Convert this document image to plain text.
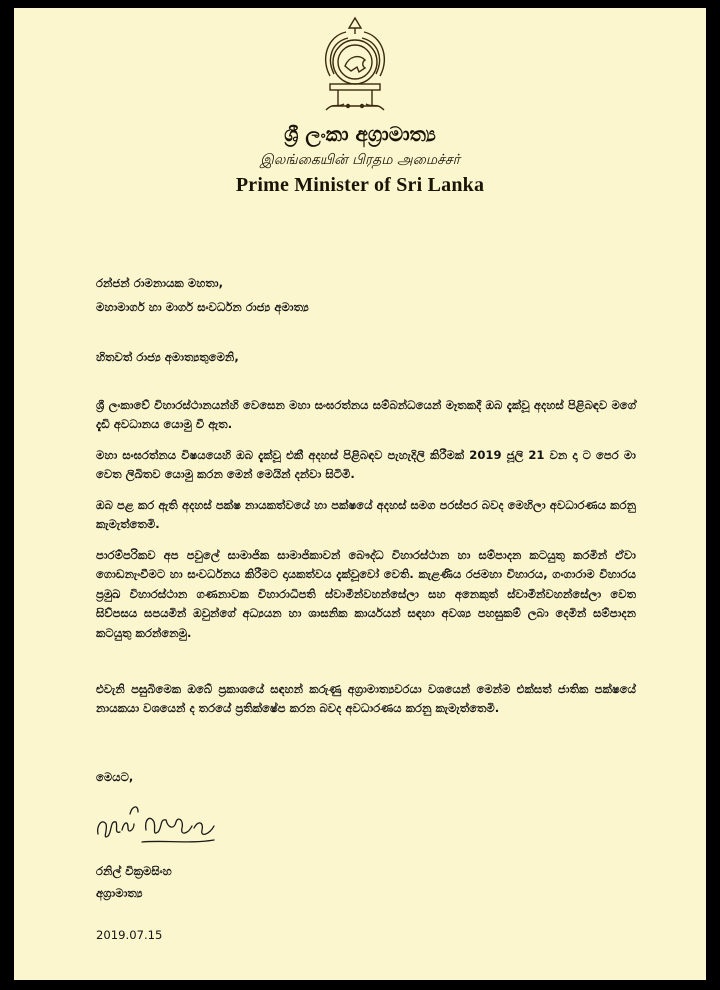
ශ්‍රී ලංකා අග්‍රාමාත්‍ය
இலங்கையின் பிரதம அமைச்சர்
Prime Minister of Sri Lanka
රන්ජන් රාමනායක මහතා,
මහාමාර්ග හා මාර්ග සංවර්ධන රාජ්‍ය අමාත්‍ය
හිතවත් රාජ්‍ය අමාත්‍යතුමෙනි,
ශ්‍රී ලංකාවේ විහාරස්ථානයන්හි වෙසෙන මහා සංඝරත්නය සම්බන්ධයෙන් මෑතකදී ඔබ දැක්වූ අදහස් පිළිබඳව මගේ දැඩි අවධානය යොමු වී ඇත.
මහා සංඝරත්නය විෂයයෙහි ඔබ දැක්වූ එකී අදහස් පිළිබඳව පැහැදිලි කිරීමක් 2019 ජූලි 21 වන දා ට පෙර මා වෙත ලිඛිතව යොමු කරන මෙන් මෙයින් දන්වා සිටිමි.
ඔබ පළ කර ඇති අදහස් පක්ෂ නායකත්වයේ හා පක්ෂයේ අදහස් සමග පරස්පර බවද මෙහිලා අවධාරණය කරනු කැමැත්තෙමි.
පාරම්පරිකව අප පවුලේ සාමාජික සාමාජිකාවන් බෞද්ධ විහාරස්ථාන හා සම්පාදන කටයුතු කරමින් ඒවා ගොඩනැංවීමට හා සංවර්ධනය කිරීමට දායකත්වය දැක්වූවෝ වෙති. කැළණිය රජමහා විහාරය, ගංගාරාම විහාරය ප්‍රමුඛ විහාරස්ථාන ගණනාවක විහාරාධිපති ස්වාමීන්වහන්සේලා සහ අනෙකුත් ස්වාමීන්වහන්සේලා වෙත සිව්පසය සපයමින් ඔවුන්ගේ අධ්‍යයන හා ශාසනික කාර්යයන් සඳහා අවශ්‍ය පහසුකම් ලබා දෙමින් සම්පාදන කටයුතු කරන්නෙමු.
එවැනි පසුබිමෙක ඔබේ ප්‍රකාශයේ සඳහන් කරුණු අග්‍රාමාත්‍යවරයා වශයෙන් මෙන්ම එක්සත් ජාතික පක්ෂයේ නායකයා වශයෙන් ද තරයේ ප්‍රතික්ෂේප කරන බවද අවධාරණය කරනු කැමැත්තෙමි.
මෙයට,
රනිල් වික්‍රමසිංහ
අග්‍රාමාත්‍ය
2019.07.15
